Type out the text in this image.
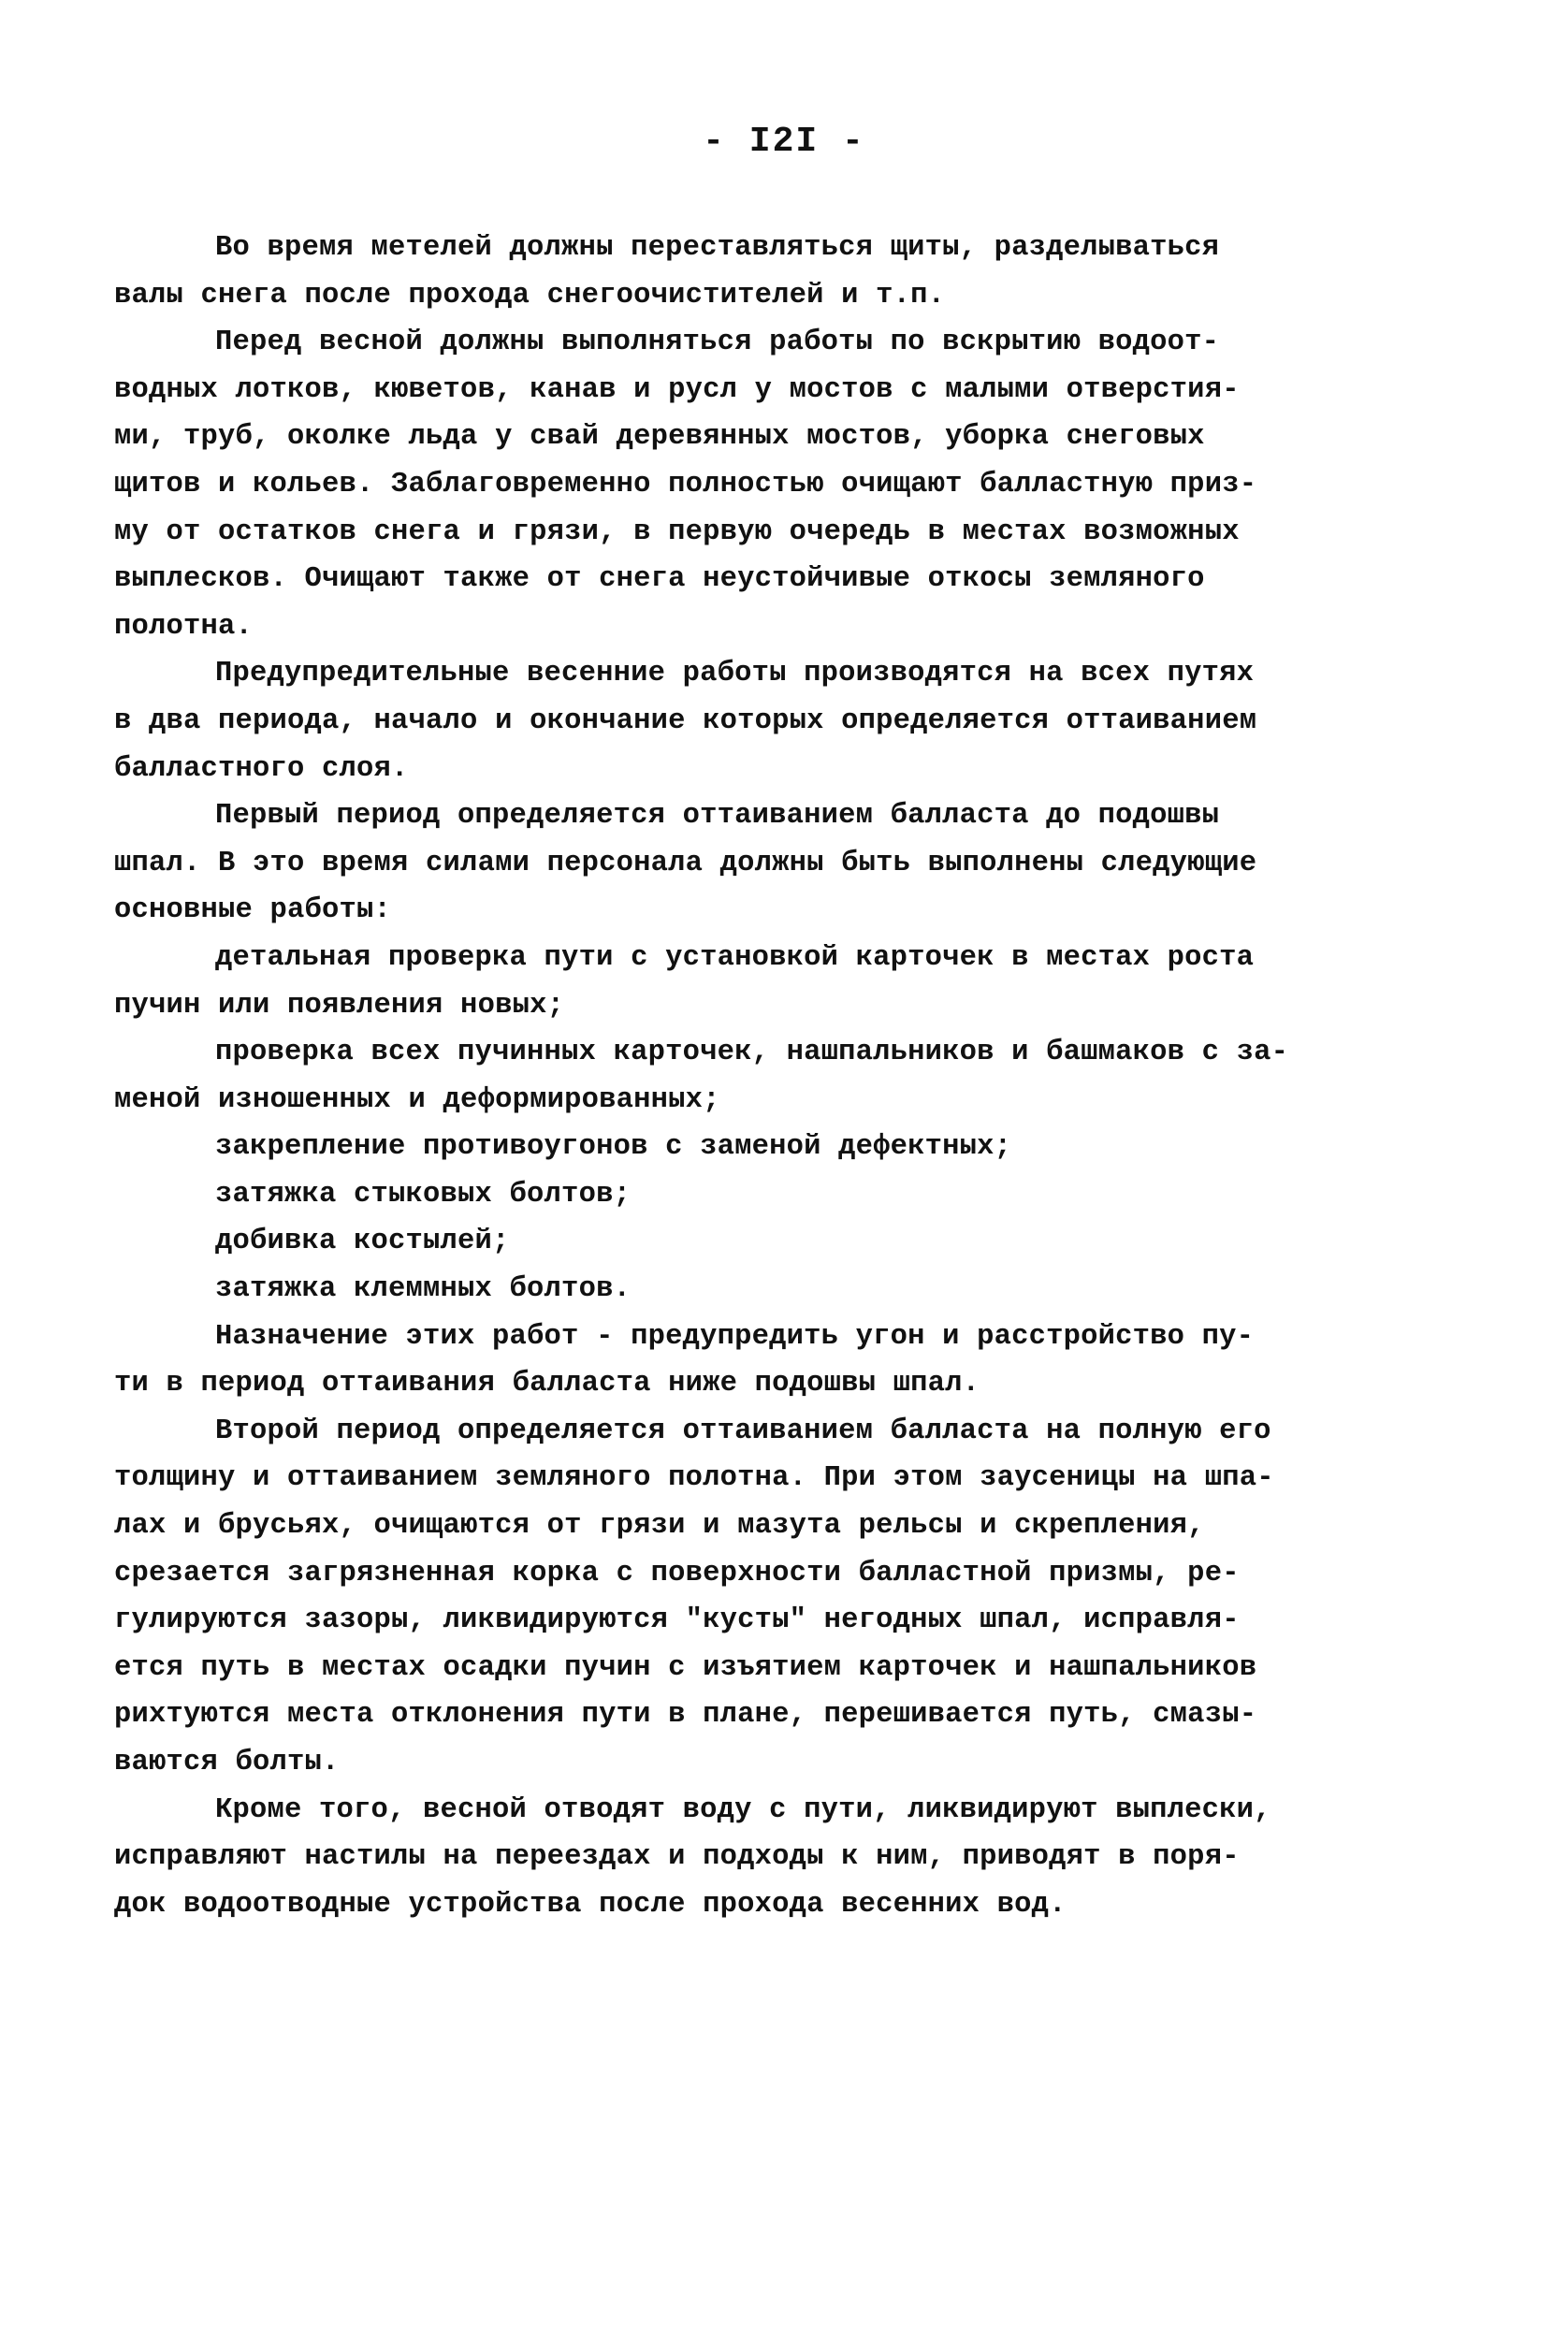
- I2I -
Во время метелей должны переставляться щиты, разделываться
валы снега после прохода снегоочистителей и т.п.
Перед весной должны выполняться работы по вскрытию водоот-
водных лотков, кюветов, канав и русл у мостов с малыми отверстия-
ми, труб, околке льда у свай деревянных мостов, уборка снеговых
щитов и кольев. Заблаговременно полностью очищают балластную приз-
му от остатков снега и грязи, в первую очередь в местах возможных
выплесков. Очищают также от снега неустойчивые откосы земляного
полотна.
Предупредительные весенние работы производятся на всех путях
в два периода, начало и окончание которых определяется оттаиванием
балластного слоя.
Первый период определяется оттаиванием балласта до подошвы
шпал. В это время силами персонала должны быть выполнены следующие
основные работы:
детальная проверка пути с установкой карточек в местах роста
пучин или появления новых;
проверка всех пучинных карточек, нашпальников и башмаков с за-
меной изношенных и деформированных;
закрепление противоугонов с заменой дефектных;
затяжка стыковых болтов;
добивка костылей;
затяжка клеммных болтов.
Назначение этих работ - предупредить угон и расстройство пу-
ти в период оттаивания балласта ниже подошвы шпал.
Второй период определяется оттаиванием балласта на полную его
толщину и оттаиванием земляного полотна. При этом заусеницы на шпа-
лах и брусьях, очищаются от грязи и мазута рельсы и скрепления,
срезается загрязненная корка с поверхности балластной призмы, ре-
гулируются зазоры, ликвидируются "кусты" негодных шпал, исправля-
ется путь в местах осадки пучин с изъятием карточек и нашпальников
рихтуются места отклонения пути в плане, перешивается путь, смазы-
ваются болты.
Кроме того, весной отводят воду с пути, ликвидируют выплески,
исправляют настилы на переездах и подходы к ним, приводят в поря-
док водоотводные устройства после прохода весенних вод.
